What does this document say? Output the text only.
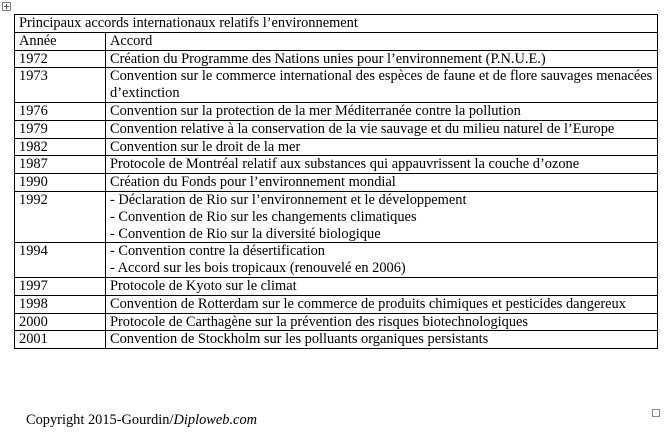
Principaux accords internationaux relatifs l’environnement	
Année	Accord
1972	Création du Programme des Nations unies pour l’environnement (P.N.U.E.)
1973	Convention sur le commerce international des espèces de faune et de flore sauvages menacées d’extinction
1976	Convention sur la protection de la mer Méditerranée contre la pollution
1979	Convention relative à la conservation de la vie sauvage et du milieu naturel de l’Europe
1982	Convention sur le droit de la mer
1987	Protocole de Montréal relatif aux substances qui appauvrissent la couche d’ozone
1990	Création du Fonds pour l’environnement mondial
1992	- Déclaration de Rio sur l’environnement et le développement
- Convention de Rio sur les changements climatiques
- Convention de Rio sur la diversité biologique

1994	- Convention contre la désertification
- Accord sur les bois tropicaux (renouvelé en 2006)

1997	Protocole de Kyoto sur le climat
1998	Convention de Rotterdam sur le commerce de produits chimiques et pesticides dangereux
2000	Protocole de Carthagène sur la prévention des risques biotechnologiques
2001	Convention de Stockholm sur les polluants organiques persistants
Copyright 2015-Gourdin/Diploweb.com
